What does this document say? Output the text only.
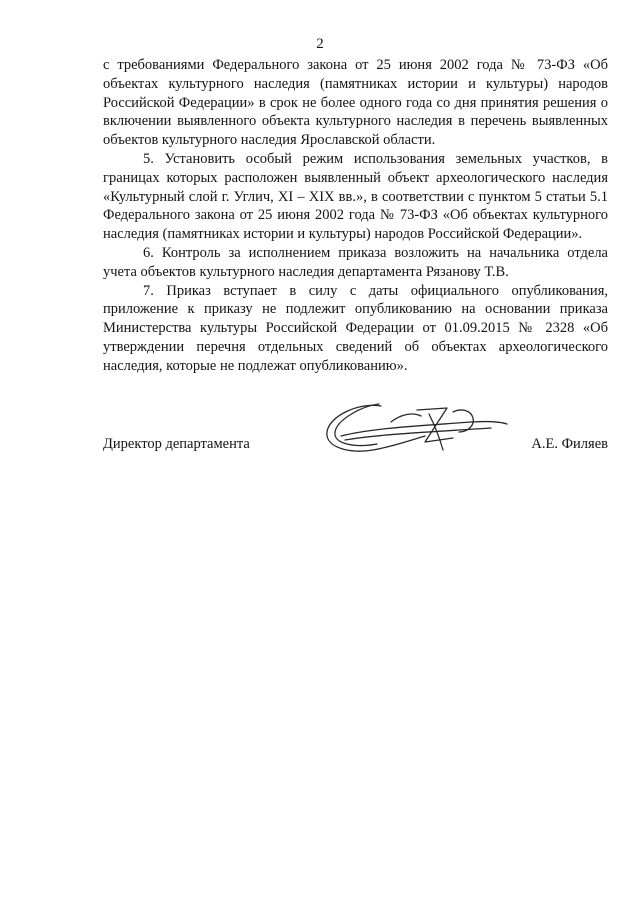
2

с требованиями Федерального закона от 25 июня 2002 года № 73-ФЗ «Об объектах культурного наследия (памятниках истории и культуры) народов Российской Федерации» в срок не более одного года со дня принятия решения о включении выявленного объекта культурного наследия в перечень выявленных объектов культурного наследия Ярославской области.

5. Установить особый режим использования земельных участков, в границах которых расположен выявленный объект археологического наследия «Культурный слой г. Углич, XI – XIX вв.», в соответствии с пунктом 5 статьи 5.1 Федерального закона от 25 июня 2002 года № 73-ФЗ «Об объектах культурного наследия (памятниках истории и культуры) народов Российской Федерации».

6. Контроль за исполнением приказа возложить на начальника отдела учета объектов культурного наследия департамента Рязанову Т.В.

7. Приказ вступает в силу с даты официального опубликования, приложение к приказу не подлежит опубликованию на основании приказа Министерства культуры Российской Федерации от 01.09.2015 № 2328 «Об утверждении перечня отдельных сведений об объектах археологического наследия, которые не подлежат опубликованию».

Директор департамента	А.Е. Филяев
